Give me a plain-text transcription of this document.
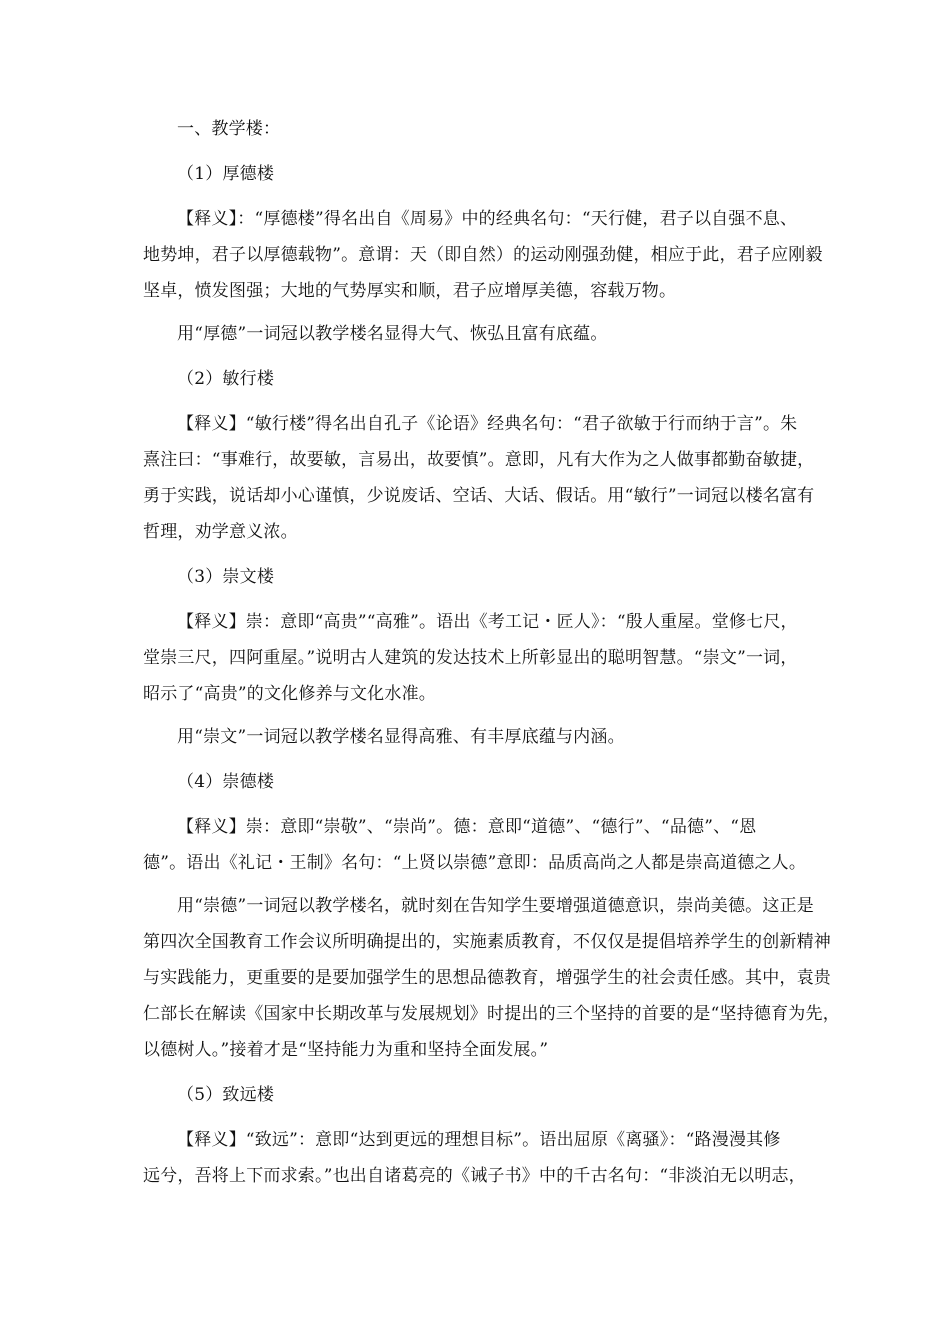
一、教学楼：

（1）厚德楼

【释义】：“厚德楼”得名出自《周易》中的经典名句：“天行健，君子以自强不息、

地势坤，君子以厚德载物”。意谓：天（即自然）的运动刚强劲健，相应于此，君子应刚毅

坚卓，愤发图强；大地的气势厚实和顺，君子应增厚美德，容载万物。

用“厚德”一词冠以教学楼名显得大气、恢弘且富有底蕴。

（2）敏行楼

【释义】“敏行楼”得名出自孔子《论语》经典名句：“君子欲敏于行而纳于言”。朱

熹注曰：“事难行，故要敏，言易出，故要慎”。意即，凡有大作为之人做事都勤奋敏捷，

勇于实践，说话却小心谨慎，少说废话、空话、大话、假话。用“敏行”一词冠以楼名富有

哲理，劝学意义浓。

（3）崇文楼

【释义】崇：意即“高贵”“高雅”。语出《考工记・匠人》：“殷人重屋。堂修七尺，

堂崇三尺，四阿重屋。”说明古人建筑的发达技术上所彰显出的聪明智慧。“崇文”一词，

昭示了“高贵”的文化修养与文化水准。

用“崇文”一词冠以教学楼名显得高雅、有丰厚底蕴与内涵。

（4）崇德楼

【释义】崇：意即“崇敬”、“崇尚”。德：意即“道德”、“德行”、“品德”、“恩

德”。语出《礼记・王制》名句：“上贤以崇德”意即：品质高尚之人都是崇高道德之人。

用“崇德”一词冠以教学楼名，就时刻在告知学生要增强道德意识，崇尚美德。这正是

第四次全国教育工作会议所明确提出的，实施素质教育，不仅仅是提倡培养学生的创新精神

与实践能力，更重要的是要加强学生的思想品德教育，增强学生的社会责任感。其中，袁贵

仁部长在解读《国家中长期改革与发展规划》时提出的三个坚持的首要的是“坚持德育为先，

以德树人。”接着才是“坚持能力为重和坚持全面发展。”

（5）致远楼

【释义】“致远”：意即“达到更远的理想目标”。语出屈原《离骚》：“路漫漫其修

远兮，吾将上下而求索。”也出自诸葛亮的《诫子书》中的千古名句：“非淡泊无以明志，
